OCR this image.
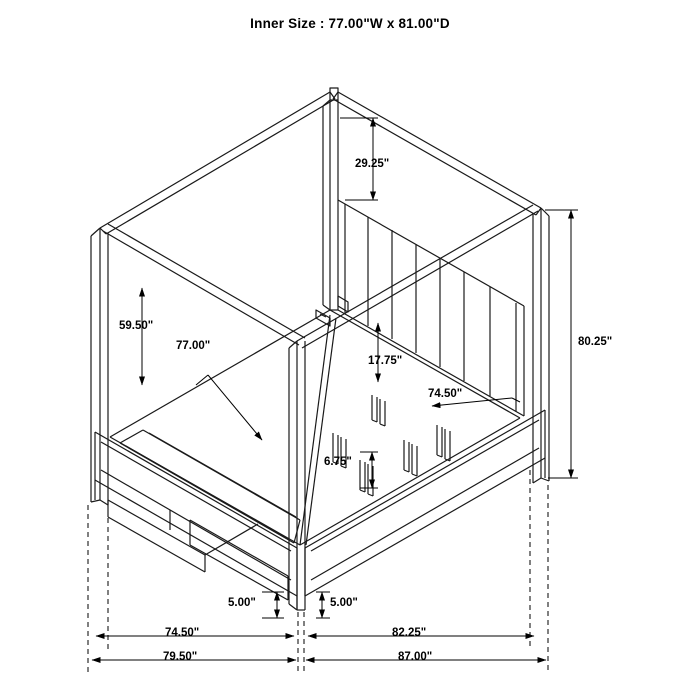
Inner Size : 77.00"W x 81.00"D
29.25"
59.50"
77.00"
17.75"
80.25"
74.50"
6.75"
5.00"	5.00"
74.50"	82.25"
79.50"	87.00"
